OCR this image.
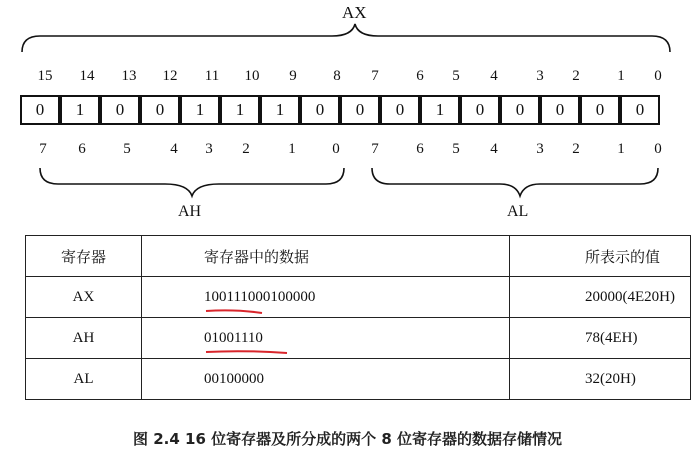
AX
15 14 13 12 11 10	9	8	7	6	5	4	3	2	1	0
0	1	0	0	1	1	1	0	0	0	1	0	0	0	0	0
7	6	5	4	3	2	1	0	7	6	5	4	3	2	1	0
AH	AL
寄存器	寄存器中的数据	所表示的值
AX	100111000100000	20000(4E20H)
AH	01001110	78(4EH)
AL	00100000	32(20H)
图 2.4 16 位寄存器及所分成的两个 8 位寄存器的数据存储情况
